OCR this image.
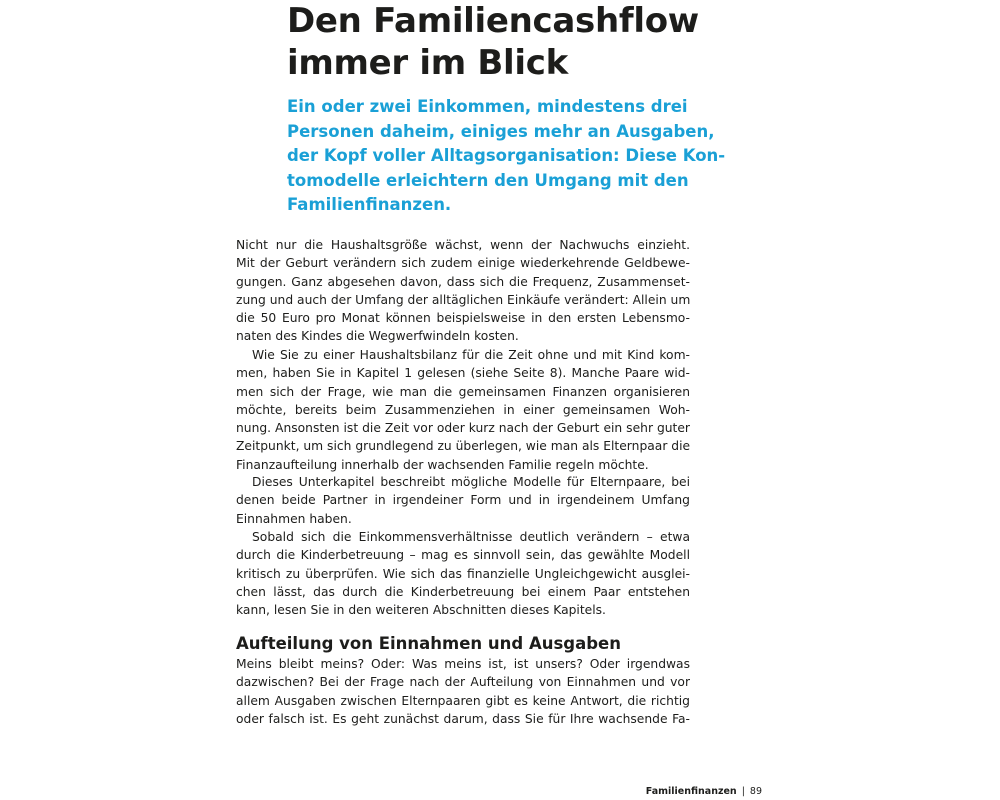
Den Familiencashflow
immer im Blick

Ein oder zwei Einkommen, mindestens drei
Personen daheim, einiges mehr an Ausgaben,
der Kopf voller Alltagsorganisation: Diese Kon-
tomodelle erleichtern den Umgang mit den
Familienfinanzen.

Nicht nur die Haushaltsgröße wächst, wenn der Nachwuchs einzieht.
Mit der Geburt verändern sich zudem einige wiederkehrende Geldbewe-
gungen. Ganz abgesehen davon, dass sich die Frequenz, Zusammenset-
zung und auch der Umfang der alltäglichen Einkäufe verändert: Allein um
die 50 Euro pro Monat können beispielsweise in den ersten Lebensmo-
naten des Kindes die Wegwerfwindeln kosten.
Wie Sie zu einer Haushaltsbilanz für die Zeit ohne und mit Kind kom-
men, haben Sie in Kapitel 1 gelesen (siehe Seite 8). Manche Paare wid-
men sich der Frage, wie man die gemeinsamen Finanzen organisieren
möchte, bereits beim Zusammenziehen in einer gemeinsamen Woh-
nung. Ansonsten ist die Zeit vor oder kurz nach der Geburt ein sehr guter
Zeitpunkt, um sich grundlegend zu überlegen, wie man als Elternpaar die
Finanzaufteilung innerhalb der wachsenden Familie regeln möchte.
Dieses Unterkapitel beschreibt mögliche Modelle für Elternpaare, bei
denen beide Partner in irgendeiner Form und in irgendeinem Umfang
Einnahmen haben.
Sobald sich die Einkommensverhältnisse deutlich verändern – etwa
durch die Kinderbetreuung – mag es sinnvoll sein, das gewählte Modell
kritisch zu überprüfen. Wie sich das finanzielle Ungleichgewicht ausglei-
chen lässt, das durch die Kinderbetreuung bei einem Paar entstehen
kann, lesen Sie in den weiteren Abschnitten dieses Kapitels.
Aufteilung von Einnahmen und Ausgaben
Meins bleibt meins? Oder: Was meins ist, ist unsers? Oder irgendwas
dazwischen? Bei der Frage nach der Aufteilung von Einnahmen und vor
allem Ausgaben zwischen Elternpaaren gibt es keine Antwort, die richtig
oder falsch ist. Es geht zunächst darum, dass Sie für Ihre wachsende Fa-
Familienfinanzen | 89
